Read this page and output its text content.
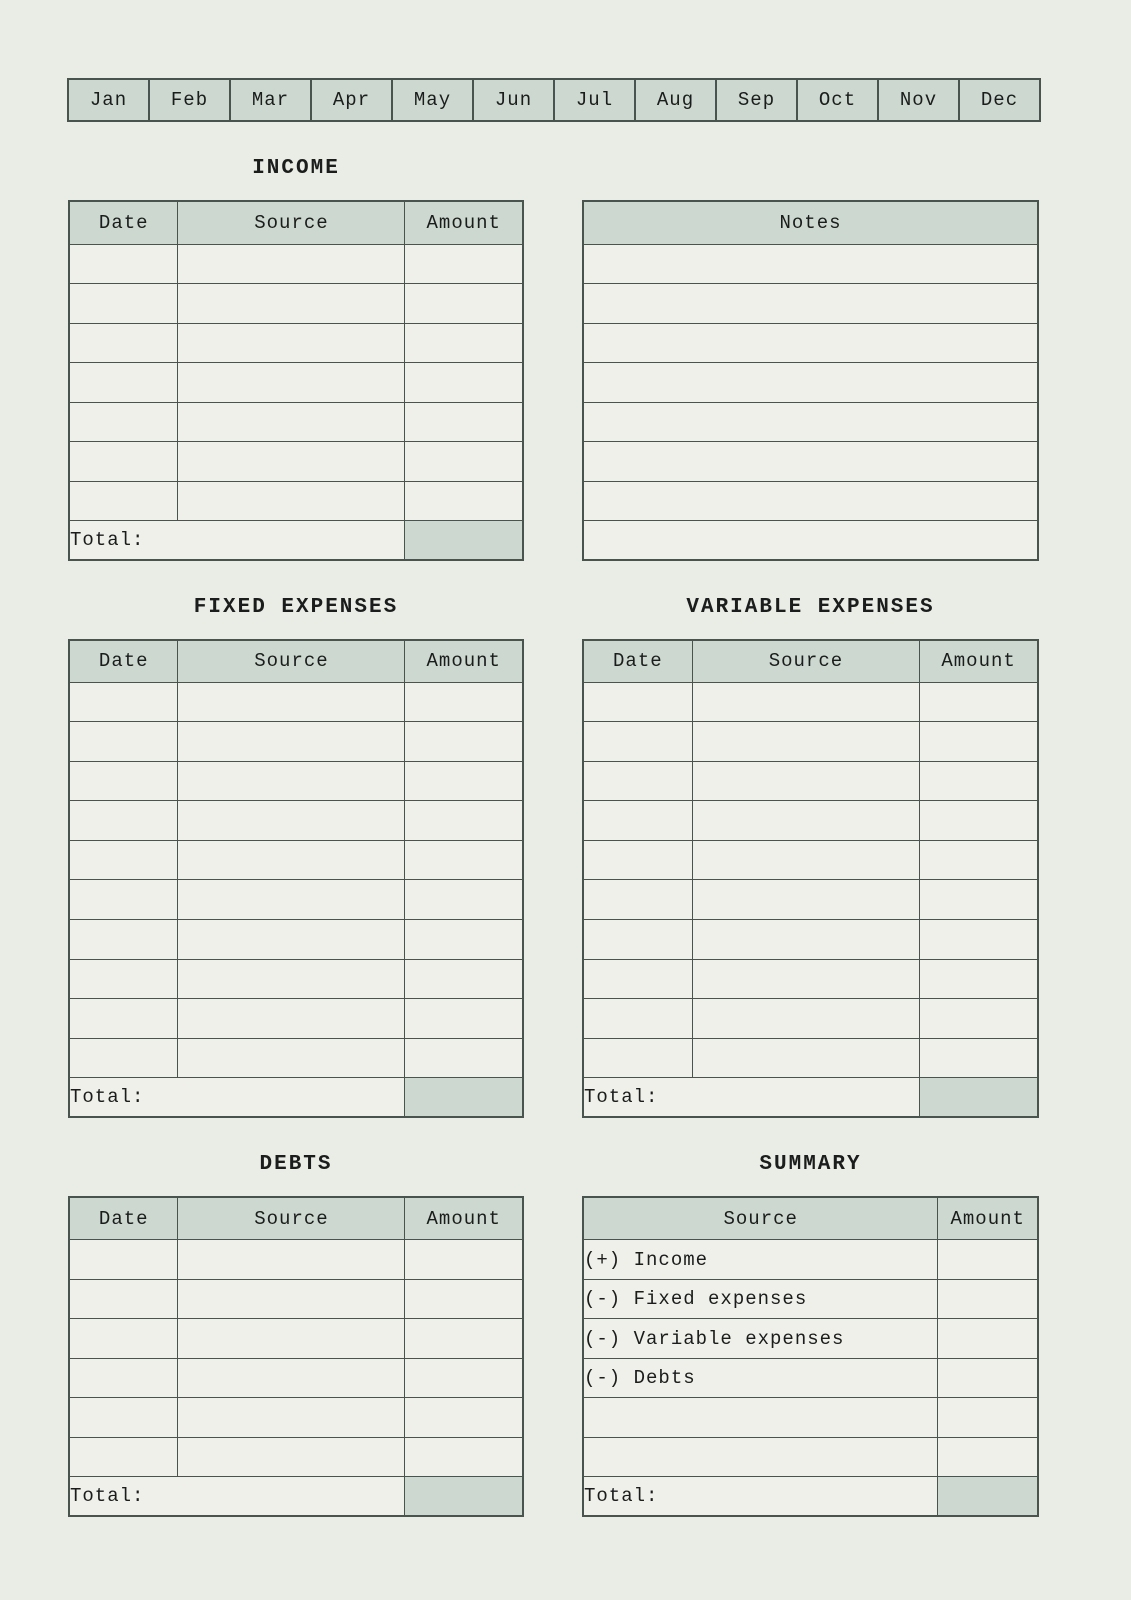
Jan	Feb	Mar	Apr	May	Jun	Jul	Aug	Sep	Oct	Nov	Dec
INCOME
Date	Source	Amount

Total:		
Notes

FIXED EXPENSES
Date	Source	Amount

Total:		
VARIABLE EXPENSES
Date	Source	Amount

Total:		
DEBTS
Date	Source	Amount

Total:		
SUMMARY
Source	Amount
(+) Income	
(-) Fixed expenses	
(-) Variable expenses	
(-) Debts	

Total:	
